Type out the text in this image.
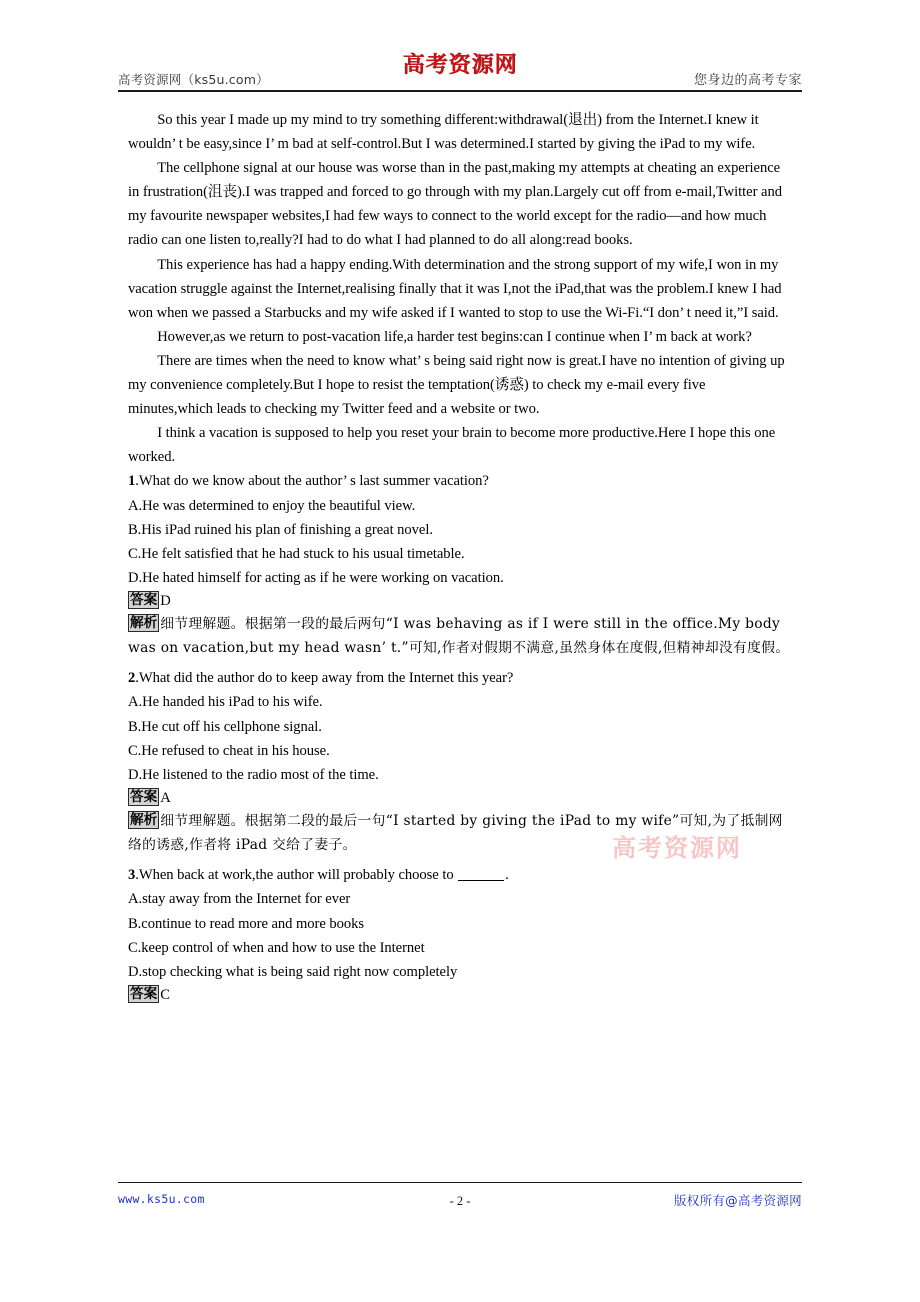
高考资源网（ks5u.com）
高考资源网
您身边的高考专家
高考资源网

So this year I made up my mind to try something different:withdrawal(退出) from the Internet.I knew it wouldn’ t be easy,since I’ m bad at self-control.But I was determined.I started by giving the iPad to my wife.

The cellphone signal at our house was worse than in the past,making my attempts at cheating an experience in frustration(沮丧).I was trapped and forced to go through with my plan.Largely cut off from e-mail,Twitter and my favourite newspaper websites,I had few ways to connect to the world except for the radio—and how much radio can one listen to,really?I had to do what I had planned to do all along:read books.

This experience has had a happy ending.With determination and the strong support of my wife,I won in my vacation struggle against the Internet,realising finally that it was I,not the iPad,that was the problem.I knew I had won when we passed a Starbucks and my wife asked if I wanted to stop to use the Wi-Fi.“I don’ t need it,”I said.

However,as we return to post-vacation life,a harder test begins:can I continue when I’ m back at work?

There are times when the need to know what’ s being said right now is great.I have no intention of giving up my convenience completely.But I hope to resist the temptation(诱惑) to check my e-mail every five minutes,which leads to checking my Twitter feed and a website or two.

I think a vacation is supposed to help you reset your brain to become more productive.Here I hope this one worked.

1.What do we know about the author’ s last summer vacation?

A.He was determined to enjoy the beautiful view.

B.His iPad ruined his plan of finishing a great novel.

C.He felt satisfied that he had stuck to his usual timetable.

D.He hated himself for acting as if he were working on vacation.

答案 D

解析 细节理解题。根据第一段的最后两句“I was behaving as if I were still in the office.My body was on vacation,but my head wasn’ t.”可知,作者对假期不满意,虽然身体在度假,但精神却没有度假。

2.What did the author do to keep away from the Internet this year?

A.He handed his iPad to his wife.

B.He cut off his cellphone signal.

C.He refused to cheat in his house.

D.He listened to the radio most of the time.

答案 A

解析 细节理解题。根据第二段的最后一句“I started by giving the iPad to my wife”可知,为了抵制网络的诱惑,作者将 iPad 交给了妻子。

3.When back at work,the author will probably choose to	.

A.stay away from the Internet for ever

B.continue to read more and more books

C.keep control of when and how to use the Internet

D.stop checking what is being said right now completely

答案 C

www.ks5u.com	- 2 -	版权所有@高考资源网
